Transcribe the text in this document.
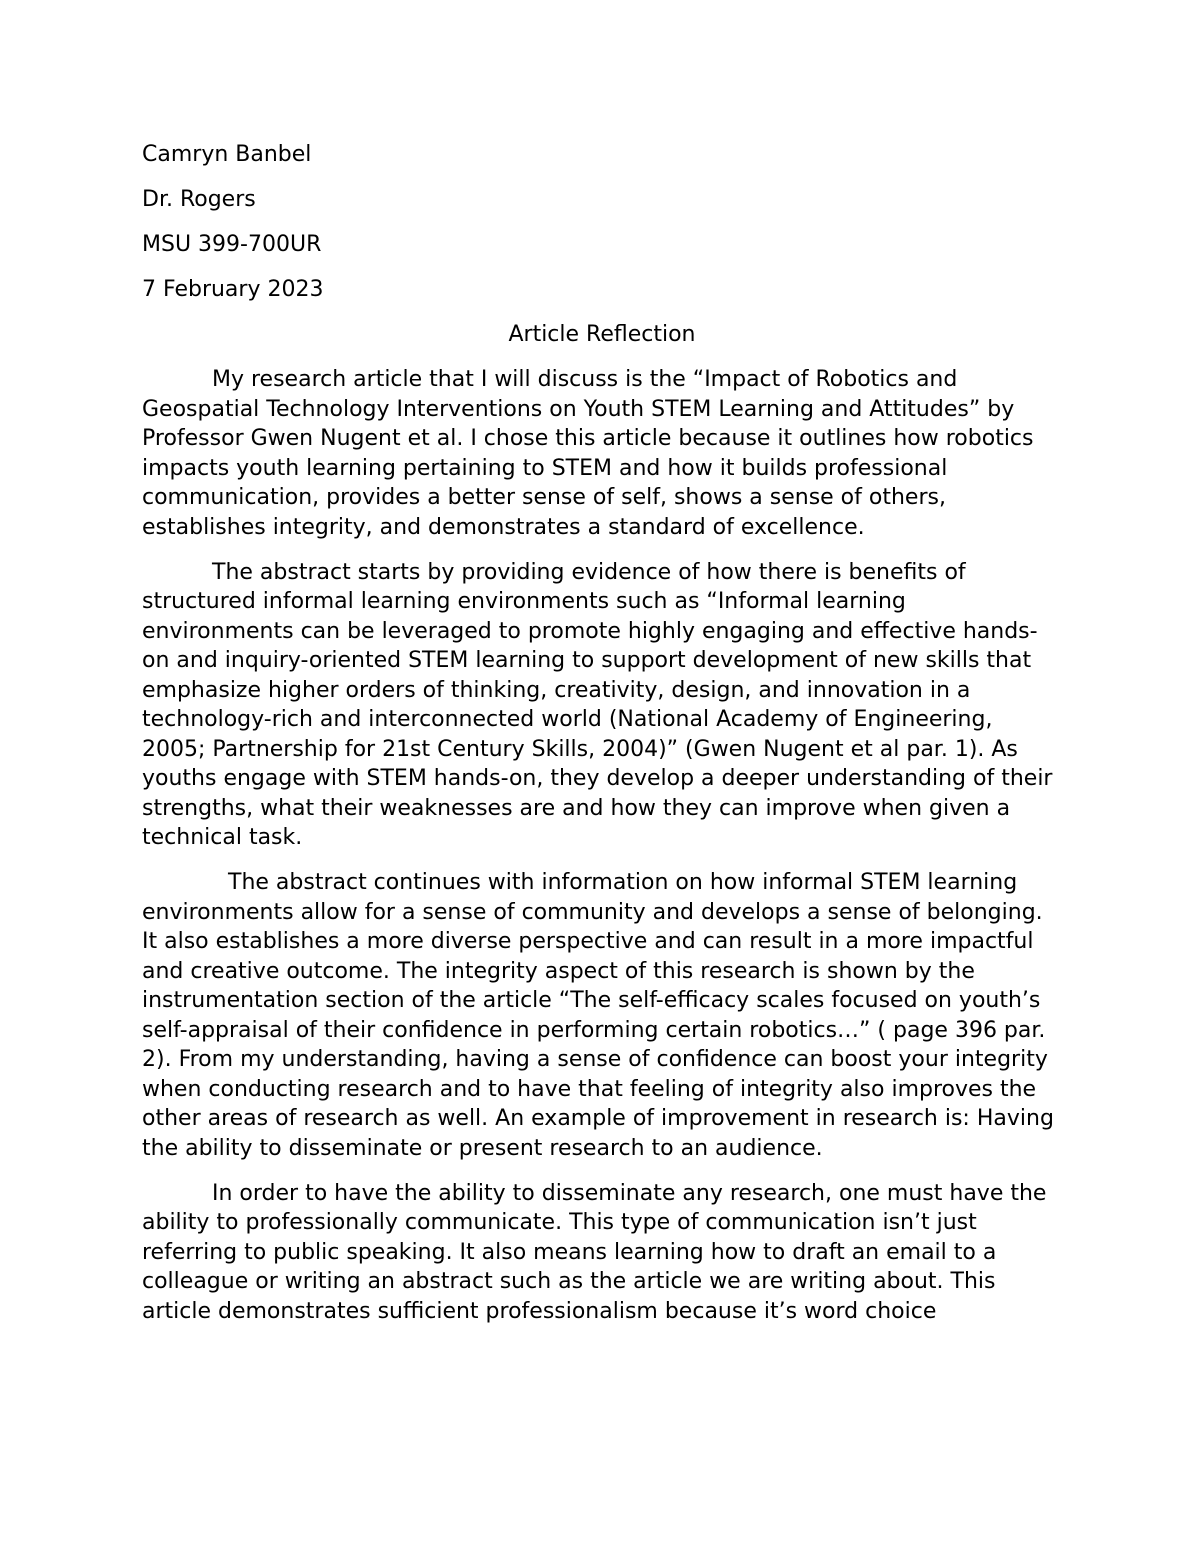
Camryn Banbel

Dr. Rogers

MSU 399-700UR

7 February 2023

Article Reflection

My research article that I will discuss is the “Impact of Robotics and Geospatial Technology Interventions on Youth STEM Learning and Attitudes” by Professor Gwen Nugent et al. I chose this article because it outlines how robotics impacts youth learning pertaining to STEM and how it builds professional communication, provides a better sense of self, shows a sense of others, establishes integrity, and demonstrates a standard of excellence.

The abstract starts by providing evidence of how there is benefits of structured informal learning environments such as “Informal learning environments can be leveraged to promote highly engaging and effective hands-on and inquiry-oriented STEM learning to support development of new skills that emphasize higher orders of thinking, creativity, design, and innovation in a technology-rich and interconnected world (National Academy of Engineering, 2005; Partnership for 21st Century Skills, 2004)” (Gwen Nugent et al par. 1). As youths engage with STEM hands-on, they develop a deeper understanding of their strengths, what their weaknesses are and how they can improve when given a technical task.

The abstract continues with information on how informal STEM learning environments allow for a sense of community and develops a sense of belonging. It also establishes a more diverse perspective and can result in a more impactful and creative outcome. The integrity aspect of this research is shown by the instrumentation section of the article “The self-efficacy scales focused on youth’s self-appraisal of their confidence in performing certain robotics…” ( page 396 par. 2). From my understanding, having a sense of confidence can boost your integrity when conducting research and to have that feeling of integrity also improves the other areas of research as well. An example of improvement in research is: Having the ability to disseminate or present research to an audience.

In order to have the ability to disseminate any research, one must have the ability to professionally communicate. This type of communication isn’t just referring to public speaking. It also means learning how to draft an email to a colleague or writing an abstract such as the article we are writing about. This article demonstrates sufficient professionalism because it’s word choice
